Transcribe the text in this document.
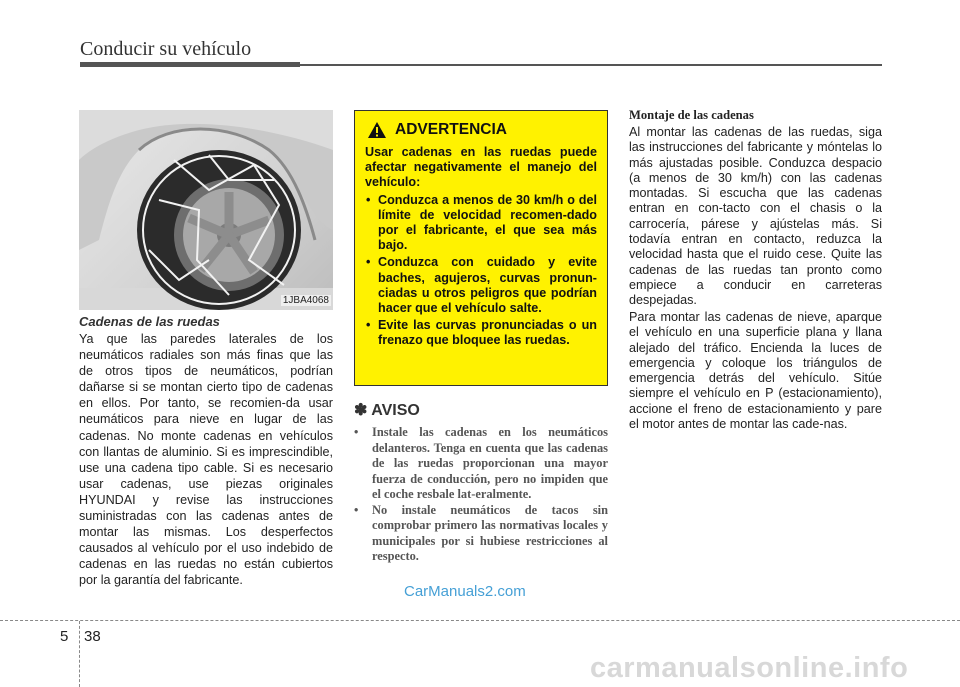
Conducir su vehículo
1JBA4068
Cadenas de las ruedas
Ya que las paredes laterales de los neumáticos radiales son más finas que las de otros tipos de neumáticos, podrían dañarse si se montan cierto tipo de cadenas en ellos. Por tanto, se recomien-da usar neumáticos para nieve en lugar de las cadenas. No monte cadenas en vehículos con llantas de aluminio. Si es imprescindible, use una cadena tipo cable. Si es necesario usar cadenas, use piezas originales HYUNDAI y revise las instrucciones suministradas con las cadenas antes de montar las mismas. Los desperfectos causados al vehículo por el uso indebido de cadenas en las ruedas no están cubiertos por la garantía del fabricante.
ADVERTENCIA
Usar cadenas en las ruedas puede afectar negativamente el manejo del vehículo:
• Conduzca a menos de 30 km/h o del límite de velocidad recomen-dado por el fabricante, el que sea más bajo.
• Conduzca con cuidado y evite baches, agujeros, curvas pronun-ciadas u otros peligros que podrían hacer que el vehículo salte.
• Evite las curvas pronunciadas o un frenazo que bloquee las ruedas.
✽ AVISO
• Instale las cadenas en los neumáticos delanteros. Tenga en cuenta que las cadenas de las ruedas proporcionan una mayor fuerza de conducción, pero no impiden que el coche resbale lat-eralmente.
• No instale neumáticos de tacos sin comprobar primero las normativas locales y municipales por si hubiese restricciones al respecto.
Montaje de las cadenas
Al montar las cadenas de las ruedas, siga las instrucciones del fabricante y móntelas lo más ajustadas posible. Conduzca despacio (a menos de 30 km/h) con las cadenas montadas. Si escucha que las cadenas entran en con-tacto con el chasis o la carrocería, párese y ajústelas más. Si todavía entran en contacto, reduzca la velocidad hasta que el ruido cese. Quite las cadenas de las ruedas tan pronto como empiece a conducir en carreteras despejadas.
Para montar las cadenas de nieve, aparque el vehículo en una superficie plana y llana alejado del tráfico. Encienda la luces de emergencia y coloque los triángulos de emergencia detrás del vehículo. Sitúe siempre el vehículo en P (estacionamiento), accione el freno de estacionamiento y pare el motor antes de montar las cade-nas.
CarManuals2.com
carmanualsonline.info
5 38
